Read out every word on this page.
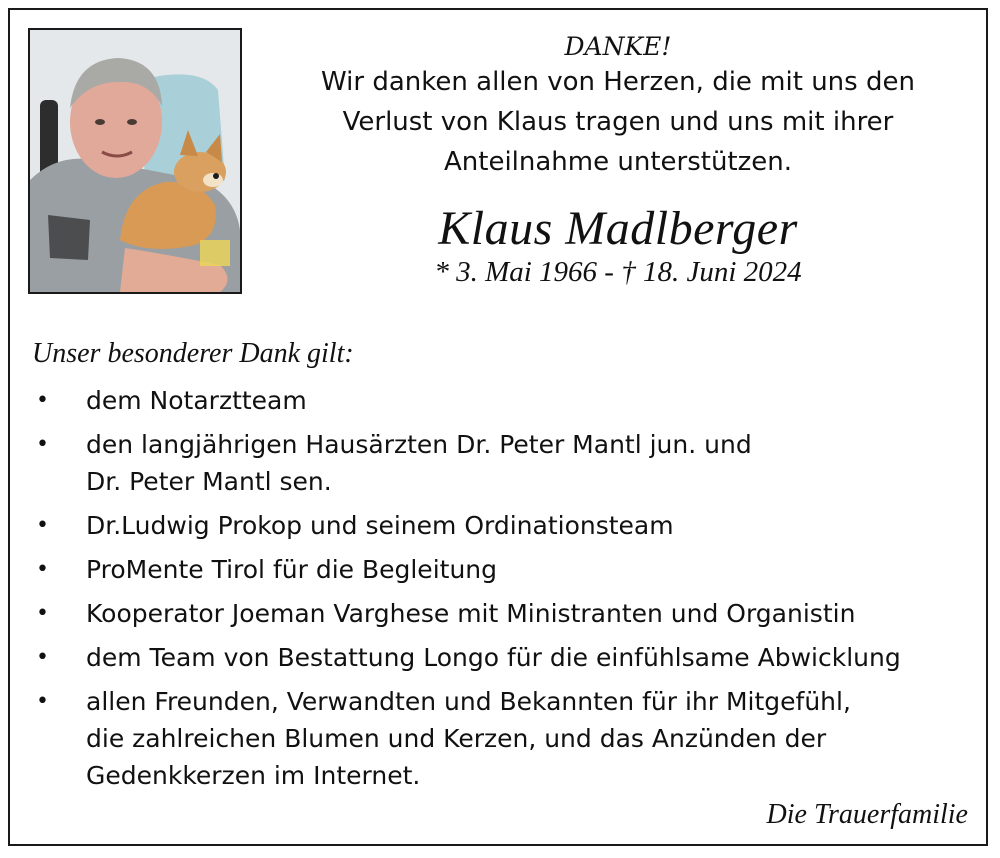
DANKE!

Wir danken allen von Herzen, die mit uns den

Verlust von Klaus tragen und uns mit ihrer

Anteilnahme unterstützen.

Klaus Madlberger

* 3. Mai 1966 - † 18. Juni 2024

Unser besonderer Dank gilt:

• dem Notarztteam
• den langjährigen Hausärzten Dr. Peter Mantl jun. und
Dr. Peter Mantl sen.
• Dr.Ludwig Prokop und seinem Ordinationsteam
• ProMente Tirol für die Begleitung
• Kooperator Joeman Varghese mit Ministranten und Organistin
• dem Team von Bestattung Longo für die einfühlsame Abwicklung
• allen Freunden, Verwandten und Bekannten für ihr Mitgefühl,
die zahlreichen Blumen und Kerzen, und das Anzünden der
Gedenkkerzen im Internet.

Die Trauerfamilie
